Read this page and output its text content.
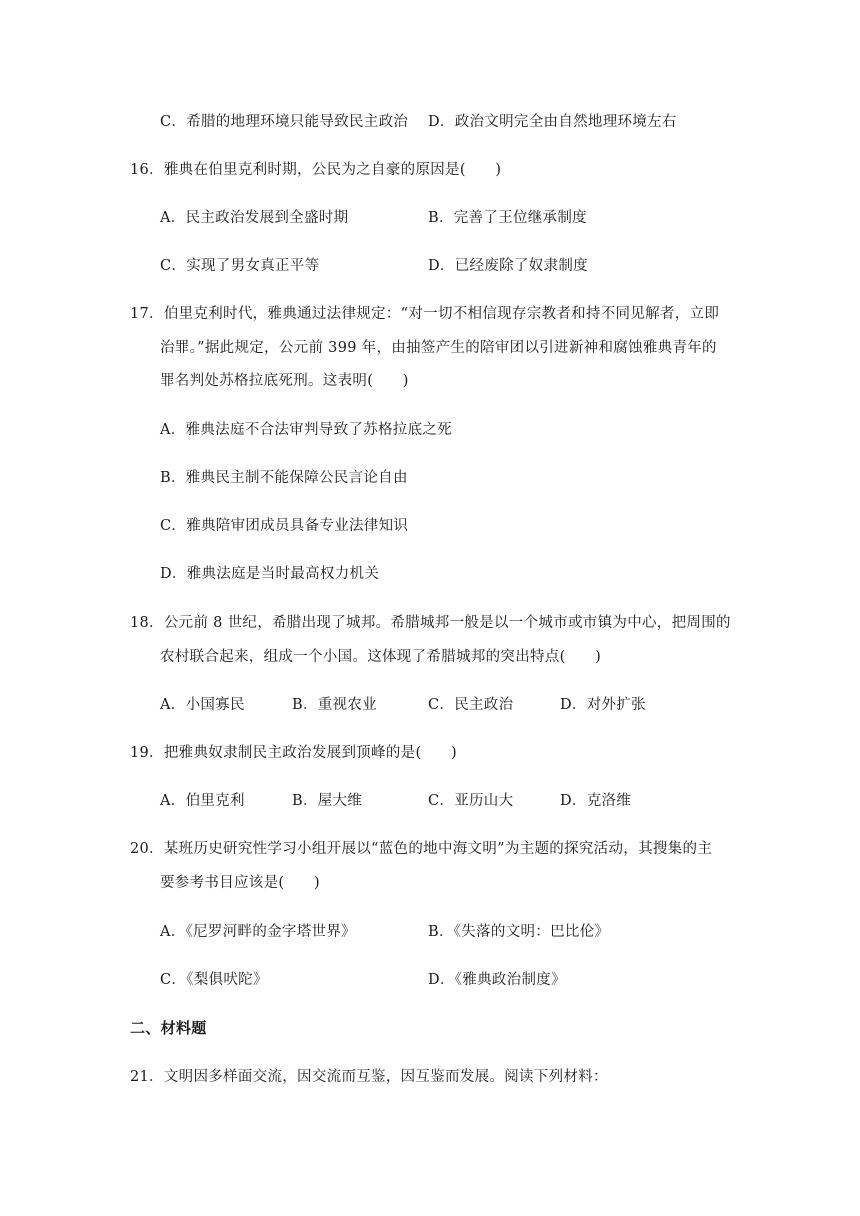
C．希腊的地理环境只能导致民主政治 D．政治文明完全由自然地理环境左右
16．雅典在伯里克利时期，公民为之自豪的原因是(　　)
A．民主政治发展到全盛时期	B．完善了王位继承制度
C．实现了男女真正平等	D．已经废除了奴隶制度
17．伯里克利时代，雅典通过法律规定：“对一切不相信现存宗教者和持不同见解者，立即
治罪。”据此规定，公元前 399 年，由抽签产生的陪审团以引进新神和腐蚀雅典青年的
罪名判处苏格拉底死刑。这表明(　　)
A．雅典法庭不合法审判导致了苏格拉底之死
B．雅典民主制不能保障公民言论自由
C．雅典陪审团成员具备专业法律知识
D．雅典法庭是当时最高权力机关
18．公元前 8 世纪，希腊出现了城邦。希腊城邦一般是以一个城市或市镇为中心，把周围的
农村联合起来，组成一个小国。这体现了希腊城邦的突出特点(　　)
A．小国寡民	B．重视农业	C．民主政治	D．对外扩张
19．把雅典奴隶制民主政治发展到顶峰的是(　　)
A．伯里克利	B．屋大维	C．亚历山大	D．克洛维
20．某班历史研究性学习小组开展以“蓝色的地中海文明”为主题的探究活动，其搜集的主
要参考书目应该是(　　)
A．《尼罗河畔的金字塔世界》	B．《失落的文明：巴比伦》
C．《梨俱吠陀》	D．《雅典政治制度》
二、材料题
21．文明因多样面交流，因交流而互鉴，因互鉴而发展。阅读下列材料：
